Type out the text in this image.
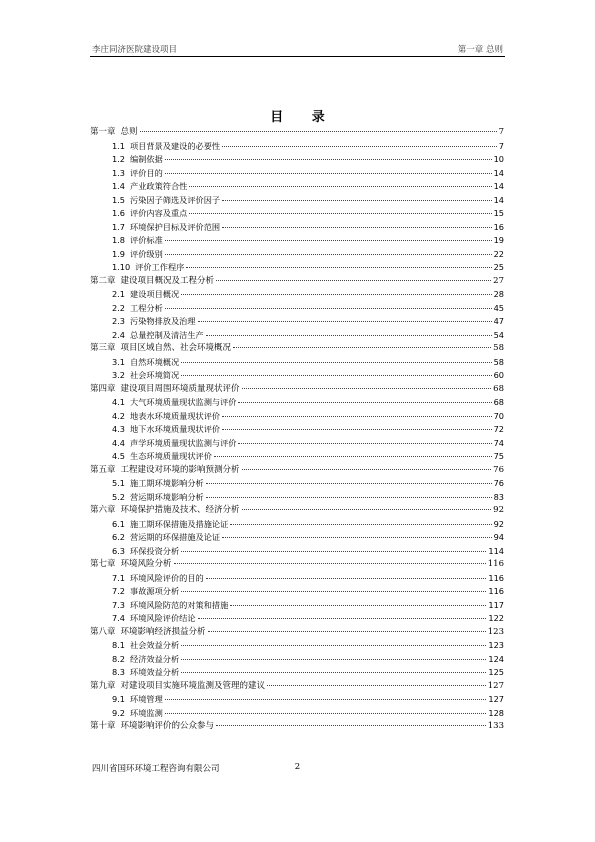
李庄同济医院建设项目	第一章 总则
目 录
第一章 总则	7
1.1 项目背景及建设的必要性	7
1.2 编制依据	10
1.3 评价目的	14
1.4 产业政策符合性	14
1.5 污染因子筛选及评价因子	14
1.6 评价内容及重点	15
1.7 环境保护目标及评价范围	16
1.8 评价标准	19
1.9 评价级别	22
1.10 评价工作程序	25
第二章 建设项目概况及工程分析	27
2.1 建设项目概况	28
2.2 工程分析	45
2.3 污染物排放及治理	47
2.4 总量控制及清洁生产	54
第三章 项目区域自然、社会环境概况	58
3.1 自然环境概况	58
3.2 社会环境简况	60
第四章 建设项目周围环境质量现状评价	68
4.1 大气环境质量现状监测与评价	68
4.2 地表水环境质量现状评价	70
4.3 地下水环境质量现状评价	72
4.4 声学环境质量现状监测与评价	74
4.5 生态环境质量现状评价	75
第五章 工程建设对环境的影响预测分析	76
5.1 施工期环境影响分析	76
5.2 营运期环境影响分析	83
第六章 环境保护措施及技术、经济分析	92
6.1 施工期环保措施及措施论证	92
6.2 营运期的环保措施及论证	94
6.3 环保投资分析	114
第七章 环境风险分析	116
7.1 环境风险评价的目的	116
7.2 事故源项分析	116
7.3 环境风险防范的对策和措施	117
7.4 环境风险评价结论	122
第八章 环境影响经济损益分析	123
8.1 社会效益分析	123
8.2 经济效益分析	124
8.3 环境效益分析	125
第九章 对建设项目实施环境监测及管理的建议	127
9.1 环境管理	127
9.2 环境监测	128
第十章 环境影响评价的公众参与	133
四川省国环环境工程咨询有限公司	2
